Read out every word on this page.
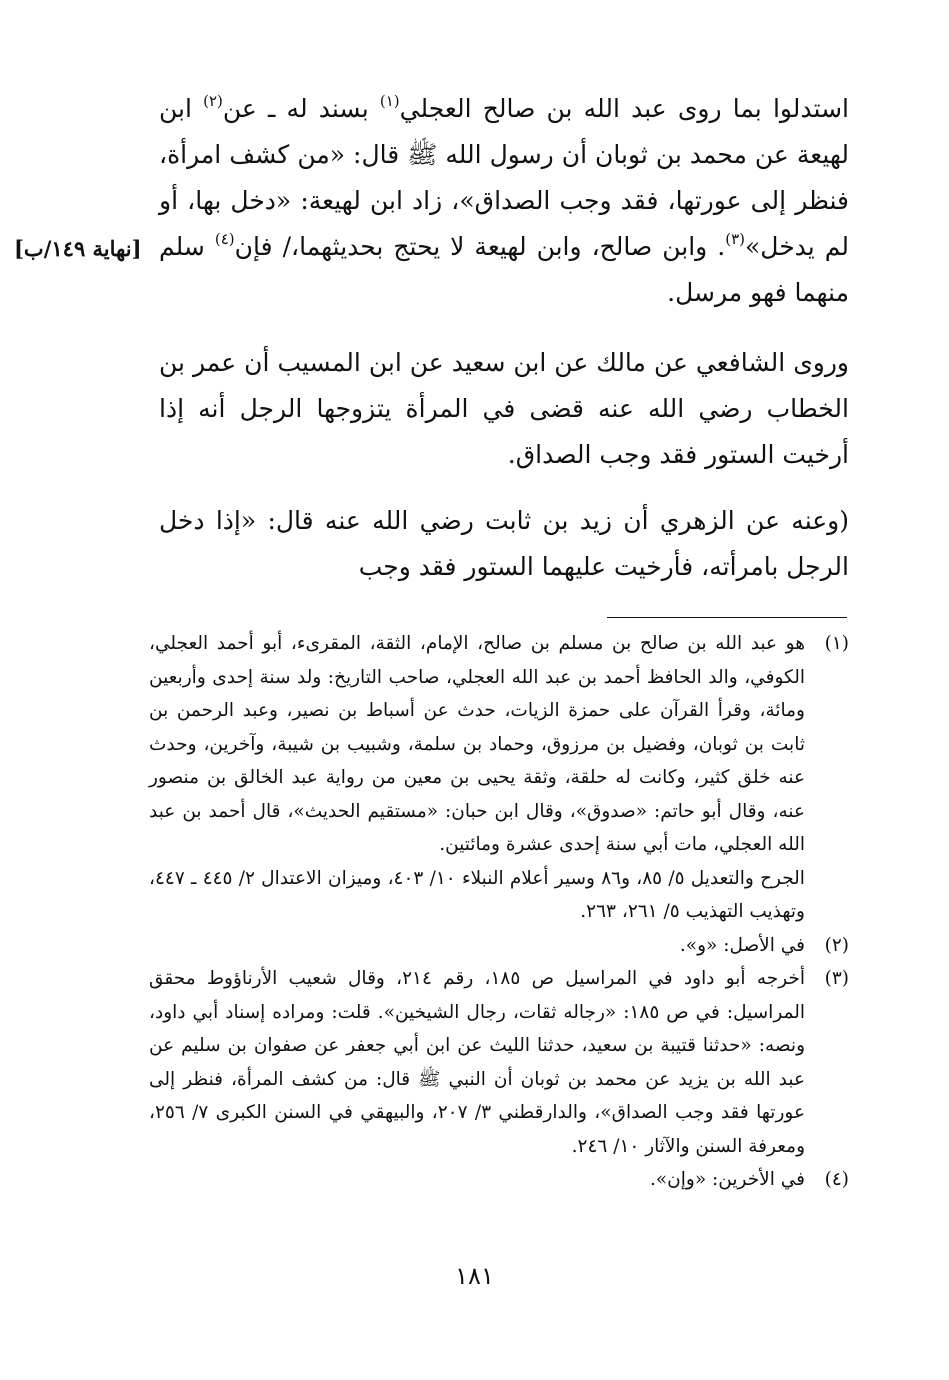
استدلوا بما روى عبد الله بن صالح العجلي$^{(١)}$ بسند له ـ عن$^{(٢)}$ ابن لهيعة عن محمد بن ثوبان أن رسول الله ﷺ قال: «من كشف امرأة، فنظر إلى عورتها، فقد وجب الصداق»، زاد ابن لهيعة: «دخل بها، أو لم يدخل»$^{(٣)}$. وابن صالح، وابن لهيعة لا يحتج بحديثهما،/ فإن$^{(٤)}$ سلم منهما فهو مرسل.

[نهاية ١٤٩/ب]

وروى الشافعي عن مالك عن ابن سعيد عن ابن المسيب أن عمر بن الخطاب رضي الله عنه قضى في المرأة يتزوجها الرجل أنه إذا أرخيت الستور فقد وجب الصداق.

(وعنه عن الزهري أن زيد بن ثابت رضي الله عنه قال: «إذا دخل الرجل بامرأته، فأرخيت عليهما الستور فقد وجب

(١)

هو عبد الله بن صالح بن مسلم بن صالح، الإمام، الثقة، المقرىء، أبو أحمد العجلي، الكوفي، والد الحافظ أحمد بن عبد الله العجلي، صاحب التاريخ: ولد سنة إحدى وأربعين ومائة، وقرأ القرآن على حمزة الزيات، حدث عن أسباط بن نصير، وعبد الرحمن بن ثابت بن ثوبان، وفضيل بن مرزوق، وحماد بن سلمة، وشبيب بن شيبة، وآخرين، وحدث عنه خلق كثير، وكانت له حلقة، وثقة يحيى بن معين من رواية عبد الخالق بن منصور عنه، وقال أبو حاتم: «صدوق»، وقال ابن حبان: «مستقيم الحديث»، قال أحمد بن عبد الله العجلي، مات أبي سنة إحدى عشرة ومائتين.

الجرح والتعديل ٥/ ٨٥، و٨٦ وسير أعلام النبلاء ١٠/ ٤٠٣، وميزان الاعتدال ٢/ ٤٤٥ ـ ٤٤٧، وتهذيب التهذيب ٥/ ٢٦١، ٢٦٣.

(٢)

في الأصل: «و».

(٣)

أخرجه أبو داود في المراسيل ص ١٨٥، رقم ٢١٤، وقال شعيب الأرناؤوط محقق المراسيل: في ص ١٨٥: «رجاله ثقات، رجال الشيخين». قلت: ومراده إسناد أبي داود، ونصه: «حدثنا قتيبة بن سعيد، حدثنا الليث عن ابن أبي جعفر عن صفوان بن سليم عن عبد الله بن يزيد عن محمد بن ثوبان أن النبي ﷺ قال: من كشف المرأة، فنظر إلى عورتها فقد وجب الصداق»، والدارقطني ٣/ ٢٠٧، والبيهقي في السنن الكبرى ٧/ ٢٥٦، ومعرفة السنن والآثار ١٠/ ٢٤٦.

(٤)

في الأخرين: «وإن».

١٨١
